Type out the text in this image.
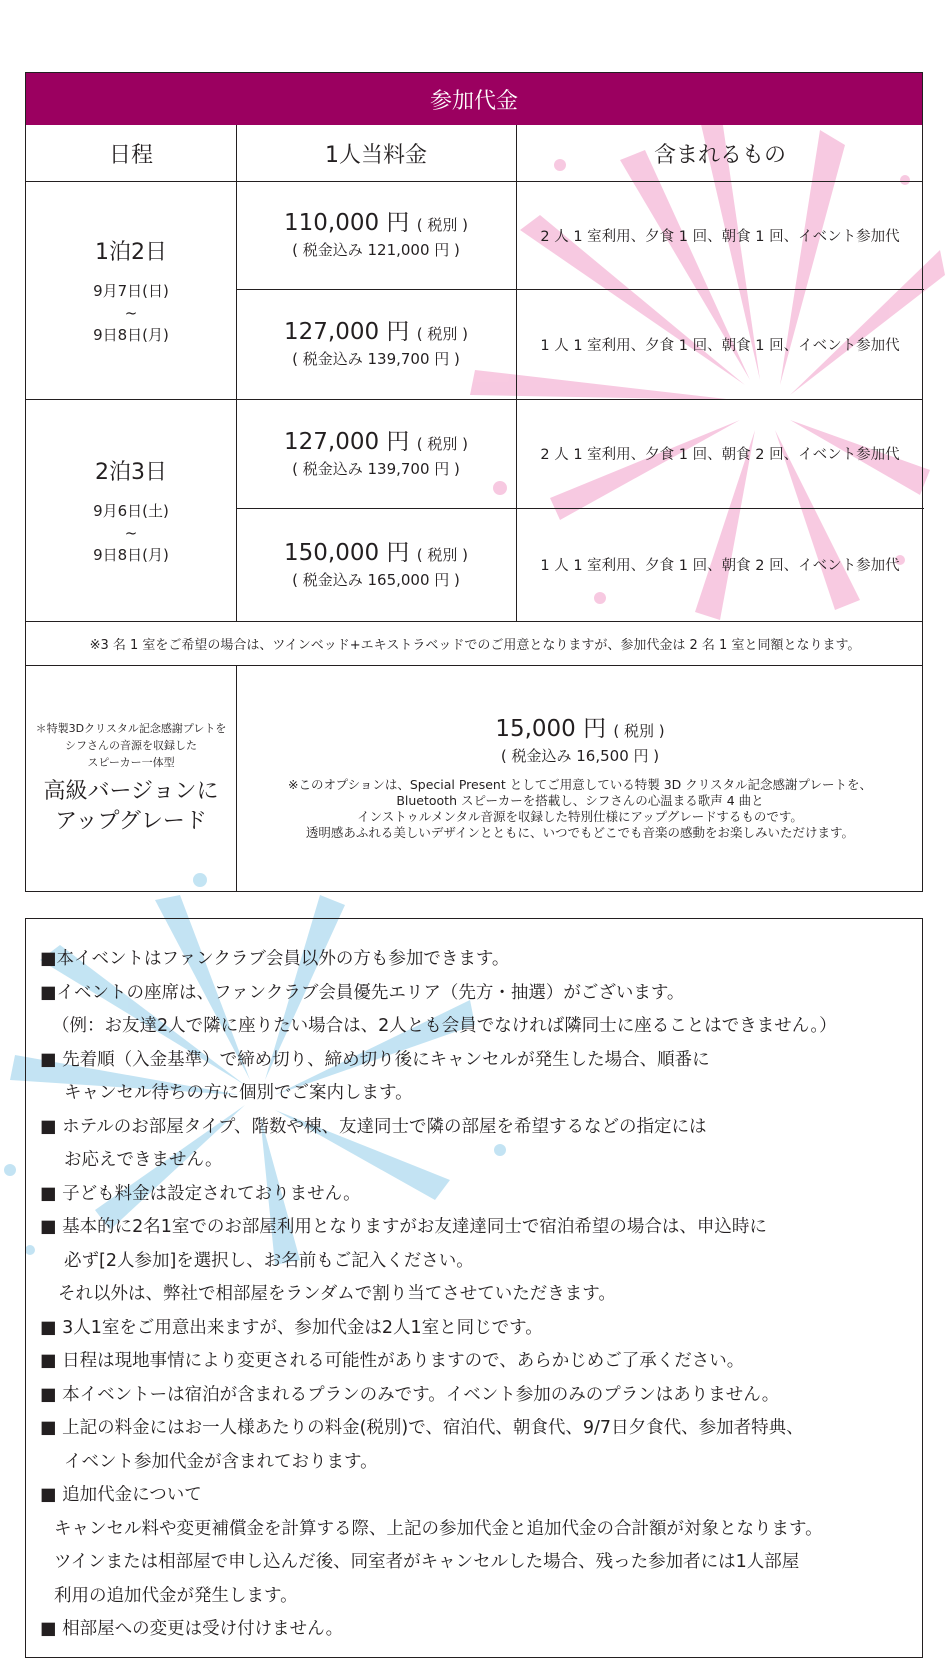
参加代金
日程	1人当料金	含まれるもの
1泊2日
9月7日(日)
~
9日8日(月)
110,000 円 ( 税別 )
( 税金込み 121,000 円 )
2 人 1 室利用、夕食 1 回、朝食 1 回、イベント参加代
127,000 円 ( 税別 )
( 税金込み 139,700 円 )
1 人 1 室利用、夕食 1 回、朝食 1 回、イベント参加代
2泊3日
9月6日(土)
~
9日8日(月)
127,000 円 ( 税別 )
( 税金込み 139,700 円 )
2 人 1 室利用、夕食 1 回、朝食 2 回、イベント参加代
150,000 円 ( 税別 )
( 税金込み 165,000 円 )
1 人 1 室利用、夕食 1 回、朝食 2 回、イベント参加代
※3 名 1 室をご希望の場合は、ツインベッド+エキストラベッドでのご用意となりますが、参加代金は 2 名 1 室と同額となります。
＊特製3Dクリスタル記念感謝プレトを
シフさんの音源を収録した
スピーカー一体型
高級バージョンに
アップグレード
15,000 円 ( 税別 )
( 税金込み 16,500 円 )
※このオプションは、Special Present としてご用意している特製 3D クリスタル記念感謝プレートを、
Bluetooth スピーカーを搭載し、シフさんの心温まる歌声 4 曲と
インストゥルメンタル音源を収録した特別仕様にアップグレードするものです。
透明感あふれる美しいデザインとともに、いつでもどこでも音楽の感動をお楽しみいただけます。
■本イベントはファンクラブ会員以外の方も参加できます。
■イベントの座席は、ファンクラブ会員優先エリア（先方・抽選）がございます。
（例：お友達2人で隣に座りたい場合は、2人とも会員でなければ隣同士に座ることはできません。）
■ 先着順（入金基準）で締め切り、締め切り後にキャンセルが発生した場合、順番に
キャンセル待ちの方に個別でご案内します。
■ ホテルのお部屋タイプ、階数や棟、友達同士で隣の部屋を希望するなどの指定には
お応えできません。
■ 子ども料金は設定されておりません。
■ 基本的に2名1室でのお部屋利用となりますがお友達達同士で宿泊希望の場合は、申込時に
必ず[2人参加]を選択し、お名前もご記入ください。
それ以外は、弊社で相部屋をランダムで割り当てさせていただきます。
■ 3人1室をご用意出来ますが、参加代金は2人1室と同じです。
■ 日程は現地事情により変更される可能性がありますので、あらかじめご了承ください。
■ 本イベントーは宿泊が含まれるプランのみです。イベント参加のみのプランはありません。
■ 上記の料金にはお一人様あたりの料金(税別)で、宿泊代、朝食代、9/7日夕食代、参加者特典、
イベント参加代金が含まれております。
■ 追加代金について
キャンセル料や変更補償金を計算する際、上記の参加代金と追加代金の合計額が対象となります。
ツインまたは相部屋で申し込んだ後、同室者がキャンセルした場合、残った参加者には1人部屋
利用の追加代金が発生します。
■ 相部屋への変更は受け付けません。
